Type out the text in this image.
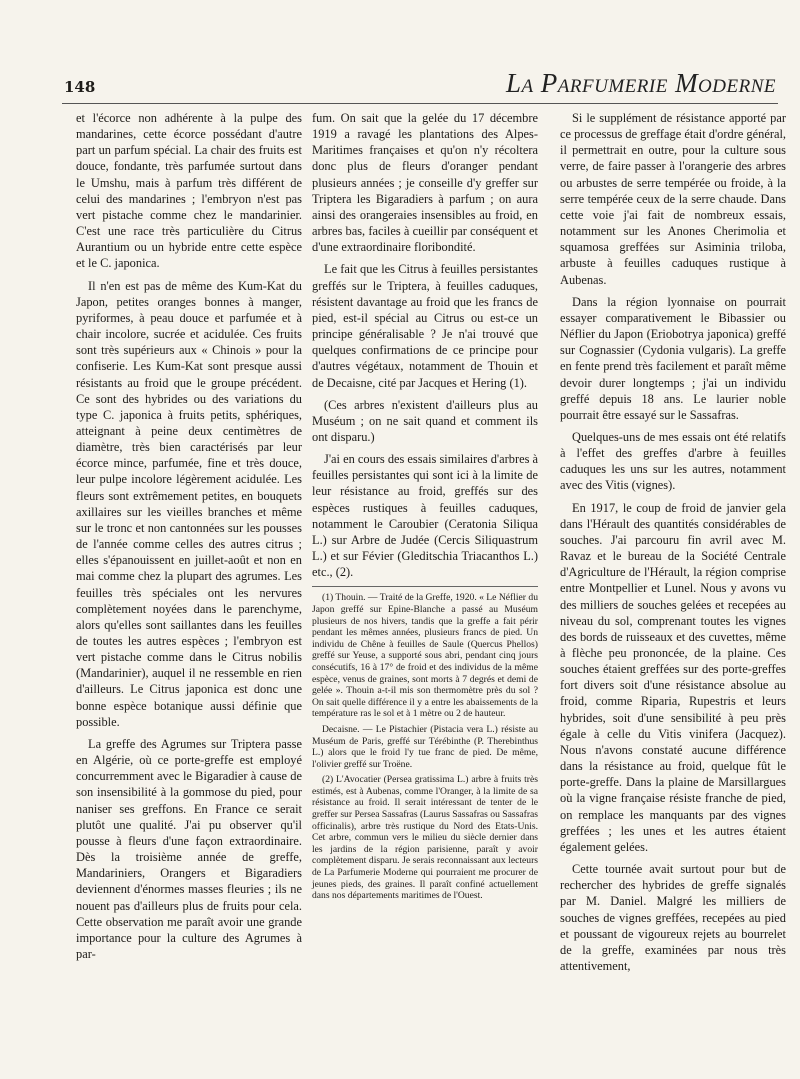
148	La Parfumerie Moderne

et l'écorce non adhérente à la pulpe des mandarines, cette écorce possédant d'autre part un parfum spécial. La chair des fruits est douce, fondante, très parfumée surtout dans le Umshu, mais à parfum très différent de celui des mandarines ; l'embryon n'est pas vert pistache comme chez le mandarinier. C'est une race très particulière du Citrus Aurantium ou un hybride entre cette espèce et le C. japonica.

Il n'en est pas de même des Kum-Kat du Japon, petites oranges bonnes à manger, pyriformes, à peau douce et parfumée et à chair incolore, sucrée et acidulée. Ces fruits sont très supérieurs aux « Chinois » pour la confiserie. Les Kum-Kat sont presque aussi résistants au froid que le groupe précédent. Ce sont des hybrides ou des variations du type C. japonica à fruits petits, sphériques, atteignant à peine deux centimètres de diamètre, très bien caractérisés par leur écorce mince, parfumée, fine et très douce, leur pulpe incolore légèrement acidulée. Les fleurs sont extrêmement petites, en bouquets axillaires sur les vieilles branches et même sur le tronc et non cantonnées sur les pousses de l'année comme celles des autres citrus ; elles s'épanouissent en juillet-août et non en mai comme chez la plupart des agrumes. Les feuilles très spéciales ont les nervures complètement noyées dans le parenchyme, alors qu'elles sont saillantes dans les feuilles de toutes les autres espèces ; l'embryon est vert pistache comme dans le Citrus nobilis (Mandarinier), auquel il ne ressemble en rien d'ailleurs. Le Citrus japonica est donc une bonne espèce botanique aussi définie que possible.

La greffe des Agrumes sur Triptera passe en Algérie, où ce porte-greffe est employé concurremment avec le Bigaradier à cause de son insensibilité à la gommose du pied, pour naniser ses greffons. En France ce serait plutôt une qualité. J'ai pu observer qu'il pousse à fleurs d'une façon extraordinaire. Dès la troisième année de greffe, Mandariniers, Orangers et Bigaradiers deviennent d'énormes masses fleuries ; ils ne nouent pas d'ailleurs plus de fruits pour cela. Cette observation me paraît avoir une grande importance pour la culture des Agrumes à par-

fum. On sait que la gelée du 17 décembre 1919 a ravagé les plantations des Alpes-Maritimes françaises et qu'on n'y récoltera donc plus de fleurs d'oranger pendant plusieurs années ; je conseille d'y greffer sur Triptera les Bigaradiers à parfum ; on aura ainsi des orangeraies insensibles au froid, en arbres bas, faciles à cueillir par conséquent et d'une extraordinaire floribondité.

Le fait que les Citrus à feuilles persistantes greffés sur le Triptera, à feuilles caduques, résistent davantage au froid que les francs de pied, est-il spécial au Citrus ou est-ce un principe généralisable ? Je n'ai trouvé que quelques confirmations de ce principe pour d'autres végétaux, notamment de Thouin et de Decaisne, cité par Jacques et Hering (1).

(Ces arbres n'existent d'ailleurs plus au Muséum ; on ne sait quand et comment ils ont disparu.)

J'ai en cours des essais similaires d'arbres à feuilles persistantes qui sont ici à la limite de leur résistance au froid, greffés sur des espèces rustiques à feuilles caduques, notamment le Caroubier (Ceratonia Siliqua L.) sur Arbre de Judée (Cercis Siliquastrum L.) et sur Févier (Gleditschia Triacanthos L.) etc., (2).

(1) Thouin. — Traité de la Greffe, 1920. « Le Néflier du Japon greffé sur Epine-Blanche a passé au Muséum plusieurs de nos hivers, tandis que la greffe a fait périr pendant les mêmes années, plusieurs francs de pied. Un individu de Chêne à feuilles de Saule (Quercus Phellos) greffé sur Yeuse, a supporté sous abri, pendant cinq jours consécutifs, 16 à 17° de froid et des individus de la même espèce, venus de graines, sont morts à 7 degrés et demi de gelée ». Thouin a-t-il mis son thermomètre près du sol ? On sait quelle différence il y a entre les abaissements de la température ras le sol et à 1 mètre ou 2 de hauteur.

Decaisne. — Le Pistachier (Pistacia vera L.) résiste au Muséum de Paris, greffé sur Térébinthe (P. Therebinthus L.) alors que le froid l'y tue franc de pied. De même, l'olivier greffé sur Troëne.

(2) L'Avocatier (Persea gratissima L.) arbre à fruits très estimés, est à Aubenas, comme l'Oranger, à la limite de sa résistance au froid. Il serait intéressant de tenter de le greffer sur Persea Sassafras (Laurus Sassafras ou Sassafras officinalis), arbre très rustique du Nord des Etats-Unis. Cet arbre, commun vers le milieu du siècle dernier dans les jardins de la région parisienne, paraît y avoir complètement disparu. Je serais reconnaissant aux lecteurs de La Parfumerie Moderne qui pourraient me procurer de jeunes pieds, des graines. Il paraît confiné actuellement dans nos départements maritimes de l'Ouest.

Si le supplément de résistance apporté par ce processus de greffage était d'ordre général, il permettrait en outre, pour la culture sous verre, de faire passer à l'orangerie des arbres ou arbustes de serre tempérée ou froide, à la serre tempérée ceux de la serre chaude. Dans cette voie j'ai fait de nombreux essais, notamment sur les Anones Cherimolia et squamosa greffées sur Asiminia triloba, arbuste à feuilles caduques rustique à Aubenas.

Dans la région lyonnaise on pourrait essayer comparativement le Bibassier ou Néflier du Japon (Eriobotrya japonica) greffé sur Cognassier (Cydonia vulgaris). La greffe en fente prend très facilement et paraît même devoir durer longtemps ; j'ai un individu greffé depuis 18 ans. Le laurier noble pourrait être essayé sur le Sassafras.

Quelques-uns de mes essais ont été relatifs à l'effet des greffes d'arbre à feuilles caduques les uns sur les autres, notamment avec des Vitis (vignes).

En 1917, le coup de froid de janvier gela dans l'Hérault des quantités considérables de souches. J'ai parcouru fin avril avec M. Ravaz et le bureau de la Société Centrale d'Agriculture de l'Hérault, la région comprise entre Montpellier et Lunel. Nous y avons vu des milliers de souches gelées et recepées au niveau du sol, comprenant toutes les vignes des bords de ruisseaux et des cuvettes, même à flèche peu prononcée, de la plaine. Ces souches étaient greffées sur des porte-greffes fort divers soit d'une résistance absolue au froid, comme Riparia, Rupestris et leurs hybrides, soit d'une sensibilité à peu près égale à celle du Vitis vinifera (Jacquez). Nous n'avons constaté aucune différence dans la résistance au froid, quelque fût le porte-greffe. Dans la plaine de Marsillargues où la vigne française résiste franche de pied, on remplace les manquants par des vignes greffées ; les unes et les autres étaient également gelées.

Cette tournée avait surtout pour but de rechercher des hybrides de greffe signalés par M. Daniel. Malgré les milliers de souches de vignes greffées, recepées au pied et poussant de vigoureux rejets au bourrelet de la greffe, examinées par nous très attentivement,
